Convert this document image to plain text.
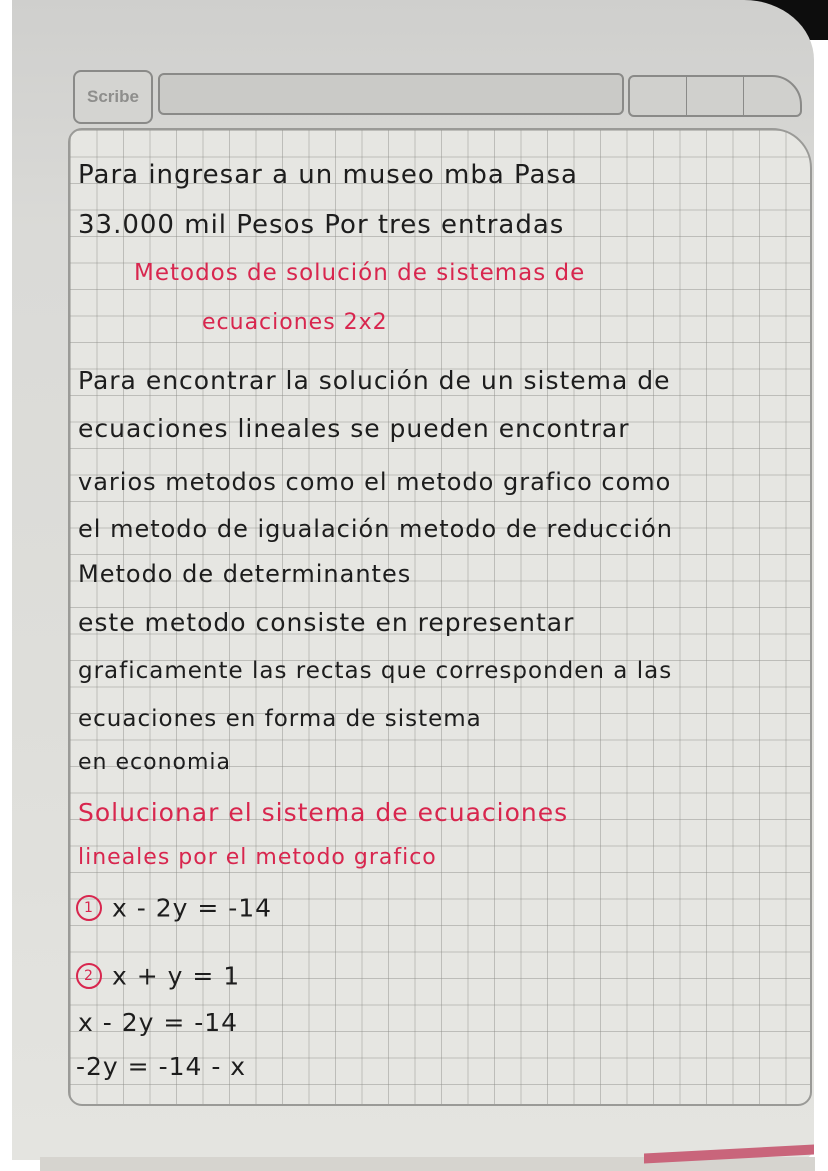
Scribe
Para ingresar a un museo mba Pasa
33.000 mil Pesos Por tres entradas
Metodos de solución de sistemas de
ecuaciones 2x2
Para encontrar la solución de un sistema de
ecuaciones lineales se pueden encontrar
varios metodos como el metodo grafico como
el metodo de igualación metodo de reducción
Metodo de determinantes
este metodo consiste en representar
graficamente las rectas que corresponden a las
ecuaciones en forma de sistema
en economia
Solucionar el sistema de ecuaciones
lineales por el metodo grafico
1 x - 2y = -14
2 x + y = 1
x - 2y = -14
-2y = -14 - x
